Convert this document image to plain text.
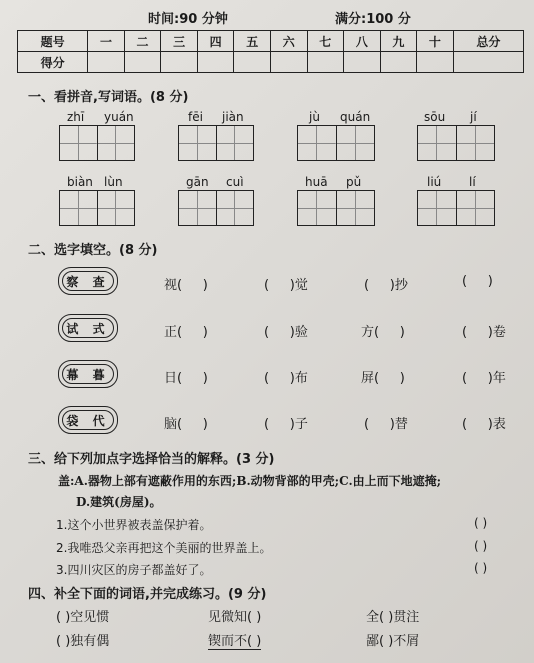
时间:90 分钟	满分:100 分
题号	一	二	三	四	五	六	七	八	九	十	总分
得分											
一、看拼音,写词语。(8 分)
zhī yuán	fēi jiàn	jù quán	sōu jí
biàn lùn	gān cuì	huā pǔ	liú lí
二、选字填空。(8 分)
察 查	视( )	( )觉	( )抄	( )
试 式	正( )	( )验	方( )	( )卷
幕 暮	日( )	( )布	屏( )	( )年
袋 代	脑( )	( )子	( )替	( )表
三、给下列加点字选择恰当的解释。(3 分)
盖:A.器物上部有遮蔽作用的东西;B.动物背部的甲壳;C.由上而下地遮掩;
D.建筑(房屋)。
1.这个小世界被表盖保护着。	( )
2.我唯恐父亲再把这个美丽的世界盖上。	( )
3.四川灾区的房子都盖好了。	( )
四、补全下面的词语,并完成练习。(9 分)
( )空见惯	见微知( )	全( )贯注
( )独有偶	锲而不( )	鄙( )不屑
